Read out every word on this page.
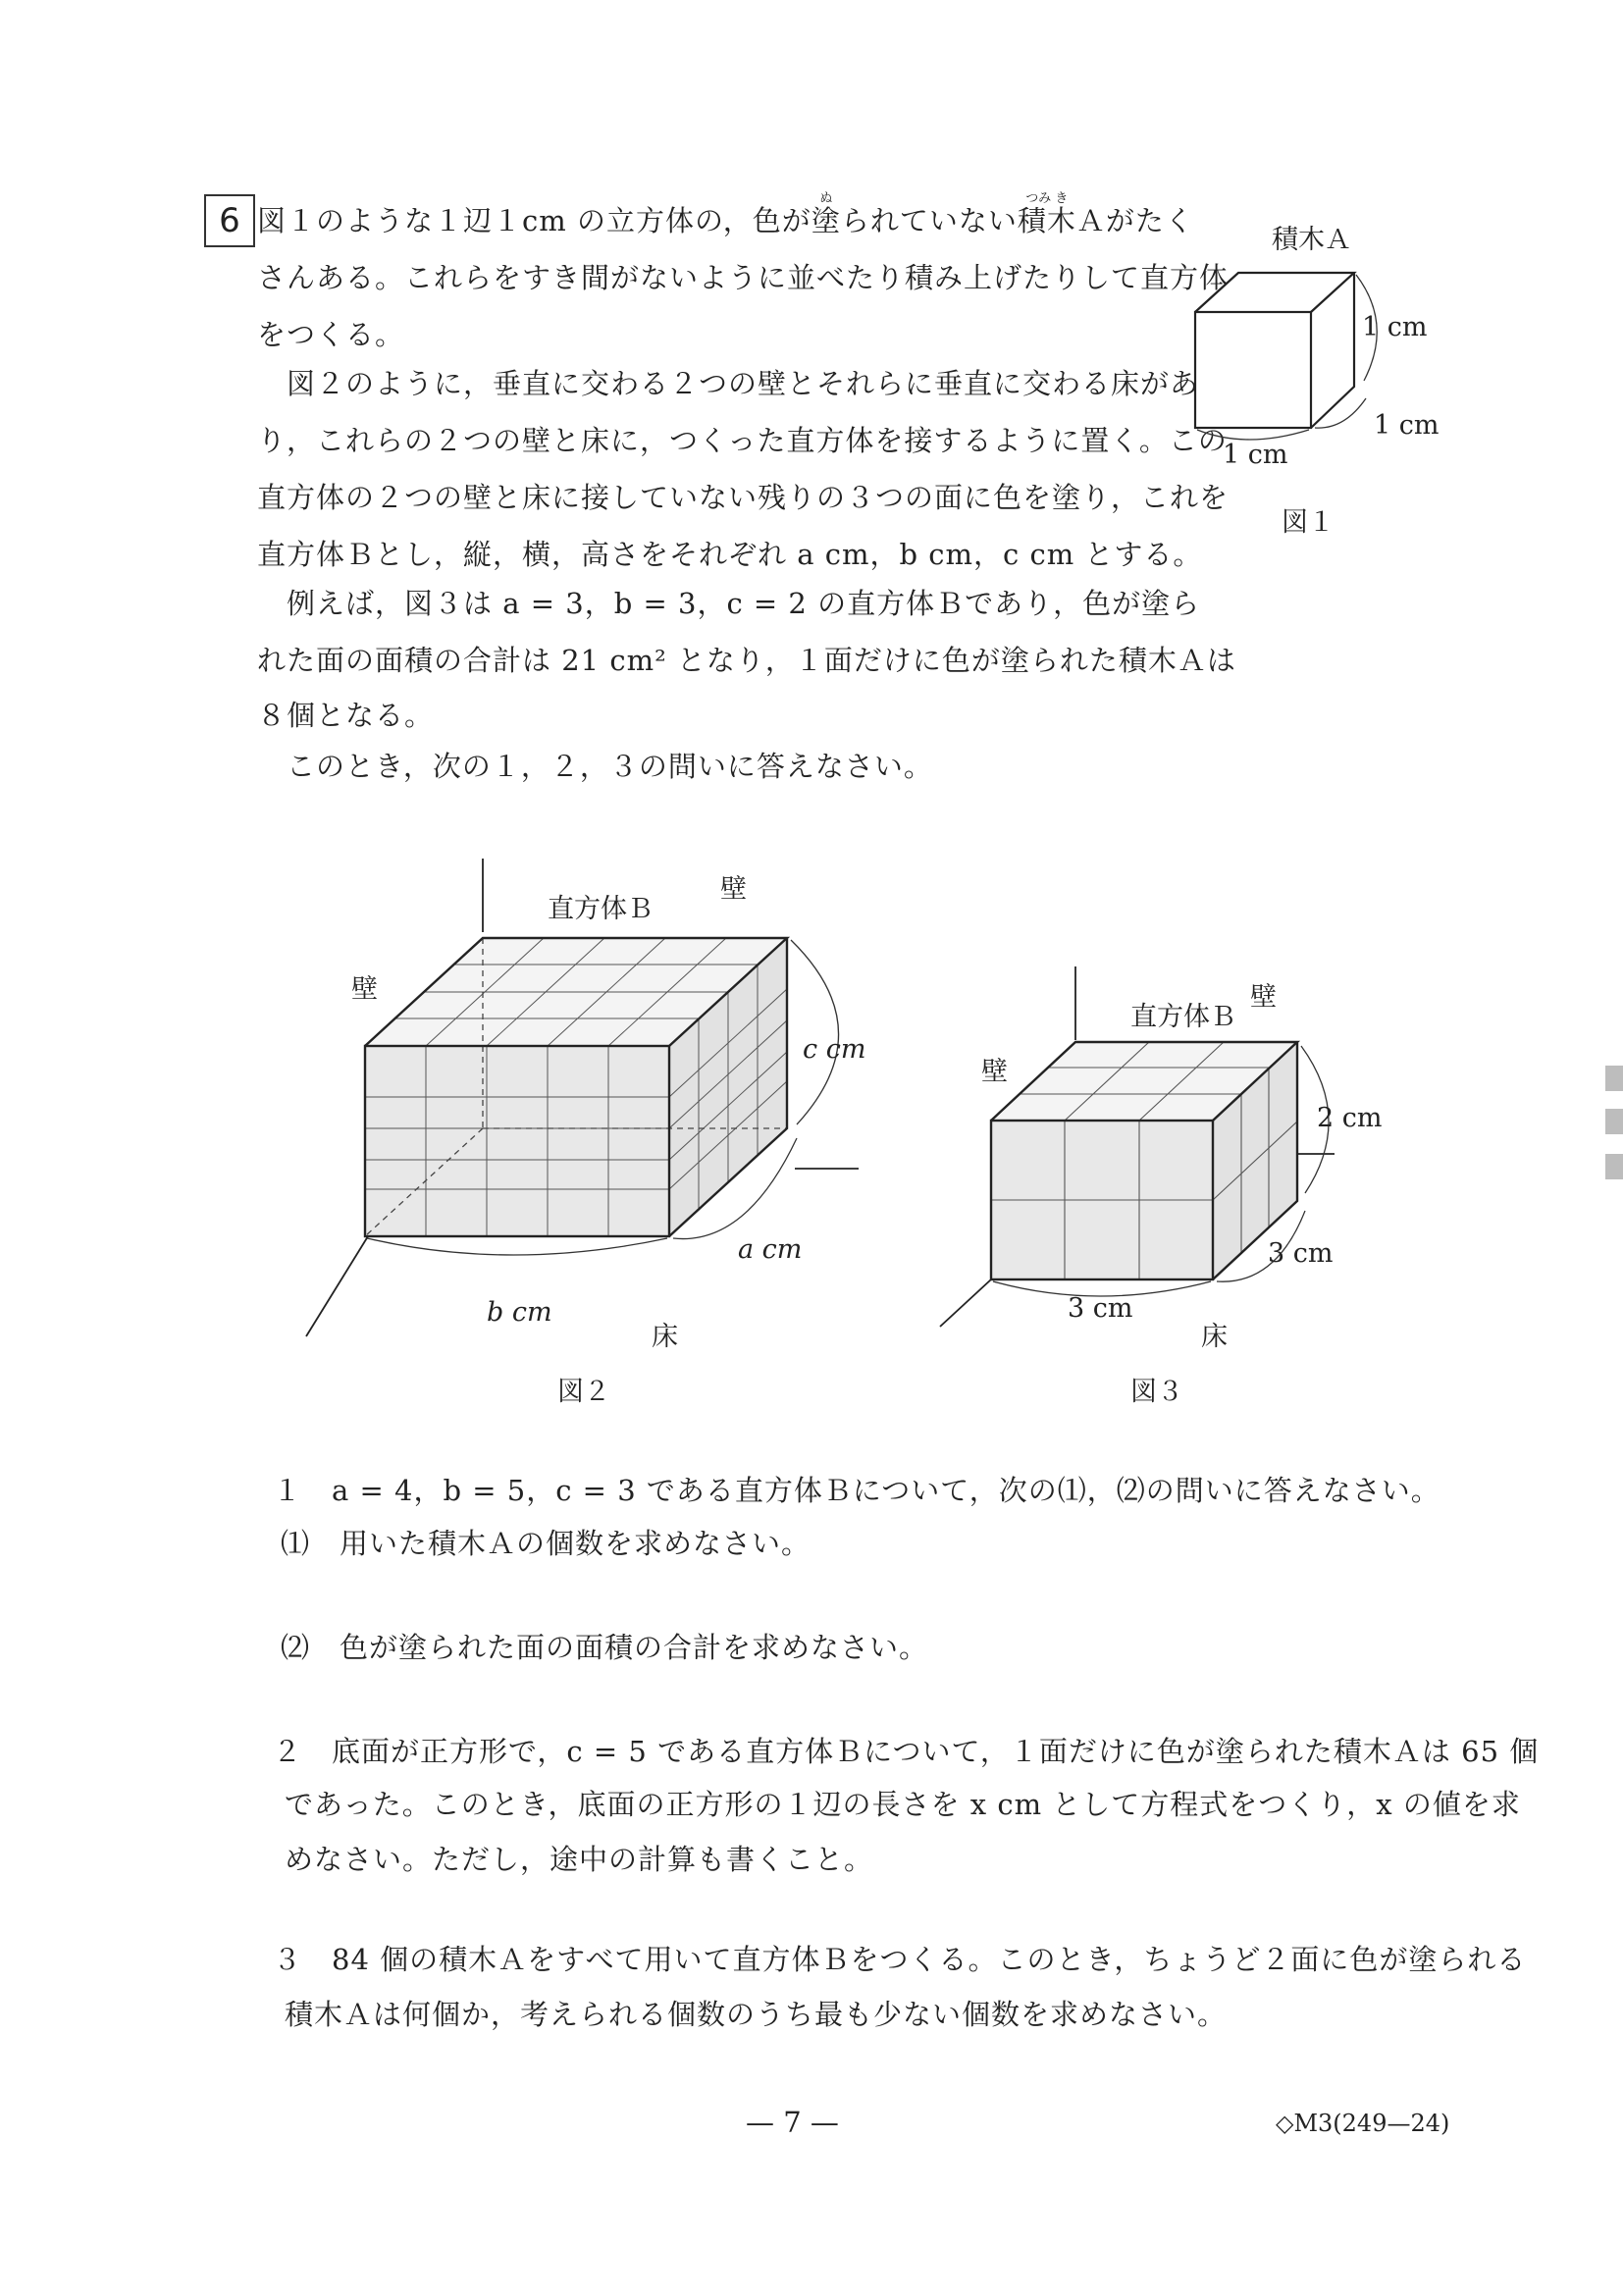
6 図１のような１辺１cm の立方体の，色が
ぬ
塗られていない
つみ き
積木Ａがたく
さんある。これらをすき間がないように並べたり積み上げたりして直方体
をつくる。
　図２のように，垂直に交わる２つの壁とそれらに垂直に交わる床があ
り，これらの２つの壁と床に，つくった直方体を接するように置く。この
直方体の２つの壁と床に接していない残りの３つの面に色を塗り，これを
直方体Ｂとし，縦，横，高さをそれぞれ a cm，b cm，c cm とする。
　例えば，図３は a = 3，b = 3，c = 2 の直方体Ｂであり，色が塗ら
れた面の面積の合計は 21 cm² となり，１面だけに色が塗られた積木Ａは
８個となる。
　このとき，次の１，２，３の問いに答えなさい。
積木Ａ
1 cm
1 cm
1 cm
図１
直方体Ｂ
壁
壁
c cm
a cm
b cm
床
図２
直方体Ｂ
壁
壁
2 cm
3 cm
3 cm
床
図３
１　a = 4，b = 5，c = 3 である直方体Ｂについて，次の⑴，⑵の問いに答えなさい。
⑴　用いた積木Ａの個数を求めなさい。
⑵　色が塗られた面の面積の合計を求めなさい。
２　底面が正方形で，c = 5 である直方体Ｂについて，１面だけに色が塗られた積木Ａは 65 個
であった。このとき，底面の正方形の１辺の長さを x cm として方程式をつくり，x の値を求
めなさい。ただし，途中の計算も書くこと。
３　84 個の積木Ａをすべて用いて直方体Ｂをつくる。このとき，ちょうど２面に色が塗られる
積木Ａは何個か，考えられる個数のうち最も少ない個数を求めなさい。
— 7 —	◇M3(249—24)
